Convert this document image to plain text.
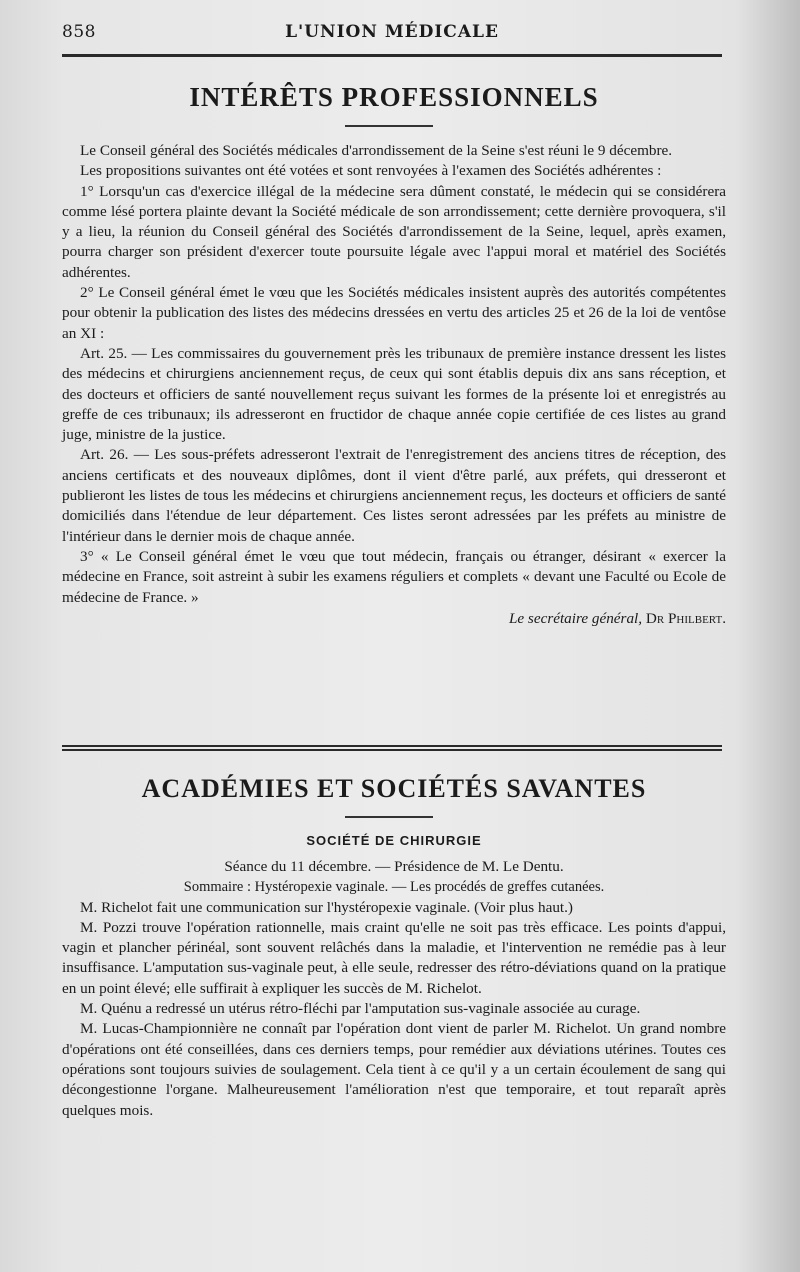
858	L'UNION MÉDICALE
INTÉRÊTS PROFESSIONNELS

Le Conseil général des Sociétés médicales d'arrondissement de la Seine s'est réuni le 9 décembre.

Les propositions suivantes ont été votées et sont renvoyées à l'examen des Sociétés adhérentes :

1° Lorsqu'un cas d'exercice illégal de la médecine sera dûment constaté, le médecin qui se considérera comme lésé portera plainte devant la Société médicale de son arrondissement; cette dernière provoquera, s'il y a lieu, la réunion du Conseil général des Sociétés d'arrondissement de la Seine, lequel, après examen, pourra charger son président d'exercer toute poursuite légale avec l'appui moral et matériel des Sociétés adhérentes.

2° Le Conseil général émet le vœu que les Sociétés médicales insistent auprès des autorités compétentes pour obtenir la publication des listes des médecins dressées en vertu des articles 25 et 26 de la loi de ventôse an XI :

Art. 25. — Les commissaires du gouvernement près les tribunaux de première instance dressent les listes des médecins et chirurgiens anciennement reçus, de ceux qui sont établis depuis dix ans sans réception, et des docteurs et officiers de santé nouvellement reçus suivant les formes de la présente loi et enregistrés au greffe de ces tribunaux; ils adresseront en fructidor de chaque année copie certifiée de ces listes au grand juge, ministre de la justice.

Art. 26. — Les sous-préfets adresseront l'extrait de l'enregistrement des anciens titres de réception, des anciens certificats et des nouveaux diplômes, dont il vient d'être parlé, aux préfets, qui dresseront et publieront les listes de tous les médecins et chirurgiens anciennement reçus, les docteurs et officiers de santé domiciliés dans l'étendue de leur département. Ces listes seront adressées par les préfets au ministre de l'intérieur dans le dernier mois de chaque année.

3° « Le Conseil général émet le vœu que tout médecin, français ou étranger, désirant « exercer la médecine en France, soit astreint à subir les examens réguliers et complets « devant une Faculté ou Ecole de médecine de France. »

Le secrétaire général, Dr Philbert.
ACADÉMIES ET SOCIÉTÉS SAVANTES
SOCIÉTÉ DE CHIRURGIE

Séance du 11 décembre. — Présidence de M. Le Dentu.

Sommaire : Hystéropexie vaginale. — Les procédés de greffes cutanées.

M. Richelot fait une communication sur l'hystéropexie vaginale. (Voir plus haut.)

M. Pozzi trouve l'opération rationnelle, mais craint qu'elle ne soit pas très efficace. Les points d'appui, vagin et plancher périnéal, sont souvent relâchés dans la maladie, et l'intervention ne remédie pas à leur insuffisance. L'amputation sus-vaginale peut, à elle seule, redresser des rétro-déviations quand on la pratique en un point élevé; elle suffirait à expliquer les succès de M. Richelot.

M. Quénu a redressé un utérus rétro-fléchi par l'amputation sus-vaginale associée au curage.

M. Lucas-Championnière ne connaît par l'opération dont vient de parler M. Richelot. Un grand nombre d'opérations ont été conseillées, dans ces derniers temps, pour remédier aux déviations utérines. Toutes ces opérations sont toujours suivies de soulagement. Cela tient à ce qu'il y a un certain écoulement de sang qui décongestionne l'organe. Malheureusement l'amélioration n'est que temporaire, et tout reparaît après quelques mois.
